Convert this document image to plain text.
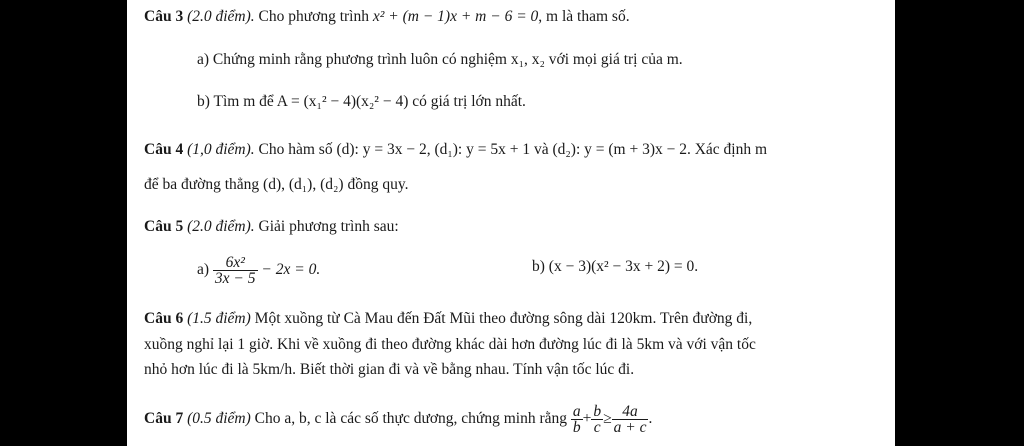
Câu 3 (2.0 điểm). Cho phương trình x² + (m − 1)x + m − 6 = 0, m là tham số.
a) Chứng minh rằng phương trình luôn có nghiệm x₁, x₂ với mọi giá trị của m.
b) Tìm m để A = (x₁² − 4)(x₂² − 4) có giá trị lớn nhất.
Câu 4 (1,0 điểm). Cho hàm số (d): y = 3x − 2, (d₁): y = 5x + 1 và (d₂): y = (m + 3)x − 2. Xác định m
để ba đường thẳng (d), (d₁), (d₂) đồng quy.
Câu 5 (2.0 điểm). Giải phương trình sau:
$a) \frac{\text{6x²}}{3x - 5} - 2x = 0$.	b) (x − 3)(x² − 3x + 2) = 0.
Câu 6 (1.5 điểm) Một xuồng từ Cà Mau đến Đất Mũi theo đường sông dài 120km. Trên đường đi,
xuồng nghỉ lại 1 giờ. Khi về xuồng đi theo đường khác dài hơn đường lúc đi là 5km và với vận tốc
nhỏ hơn lúc đi là 5km/h. Biết thời gian đi và về bằng nhau. Tính vận tốc lúc đi.
Câu 7 (0.5 điểm) Cho a, b, c là các số thực dương, chứng minh rằng $\frac{a}{b} + \frac{b}{c} \ge \frac{4a}{a + c}$ .
